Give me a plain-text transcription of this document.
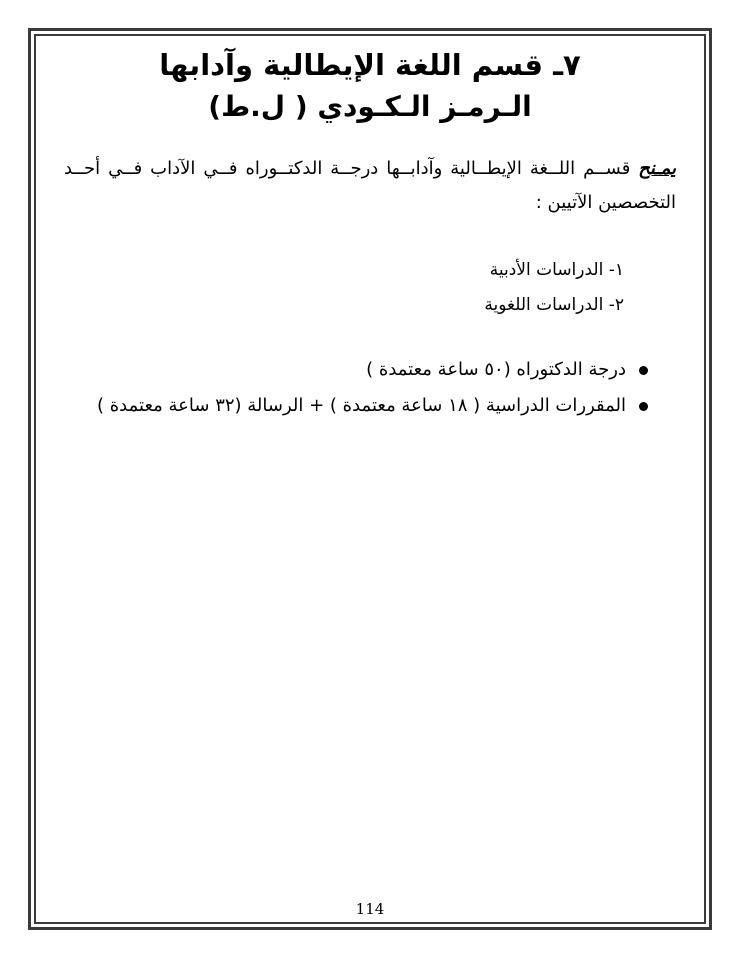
٧ـ قسم اللغة الإيطالية وآدابها
الـرمـز الـكـودي ( ل.ط)
يمـنح قســم اللــغة الإيطــالية وآدابــها درجــة الدكتــوراه فــي الآداب فــي أحــد التخصصين الآتيين :
١- الدراسات الأدبية
٢- الدراسات اللغوية
درجة الدكتوراه (٥٠ ساعة معتمدة )
المقررات الدراسية ( ١٨ ساعة معتمدة ) + الرسالة (٣٢ ساعة معتمدة )
114
